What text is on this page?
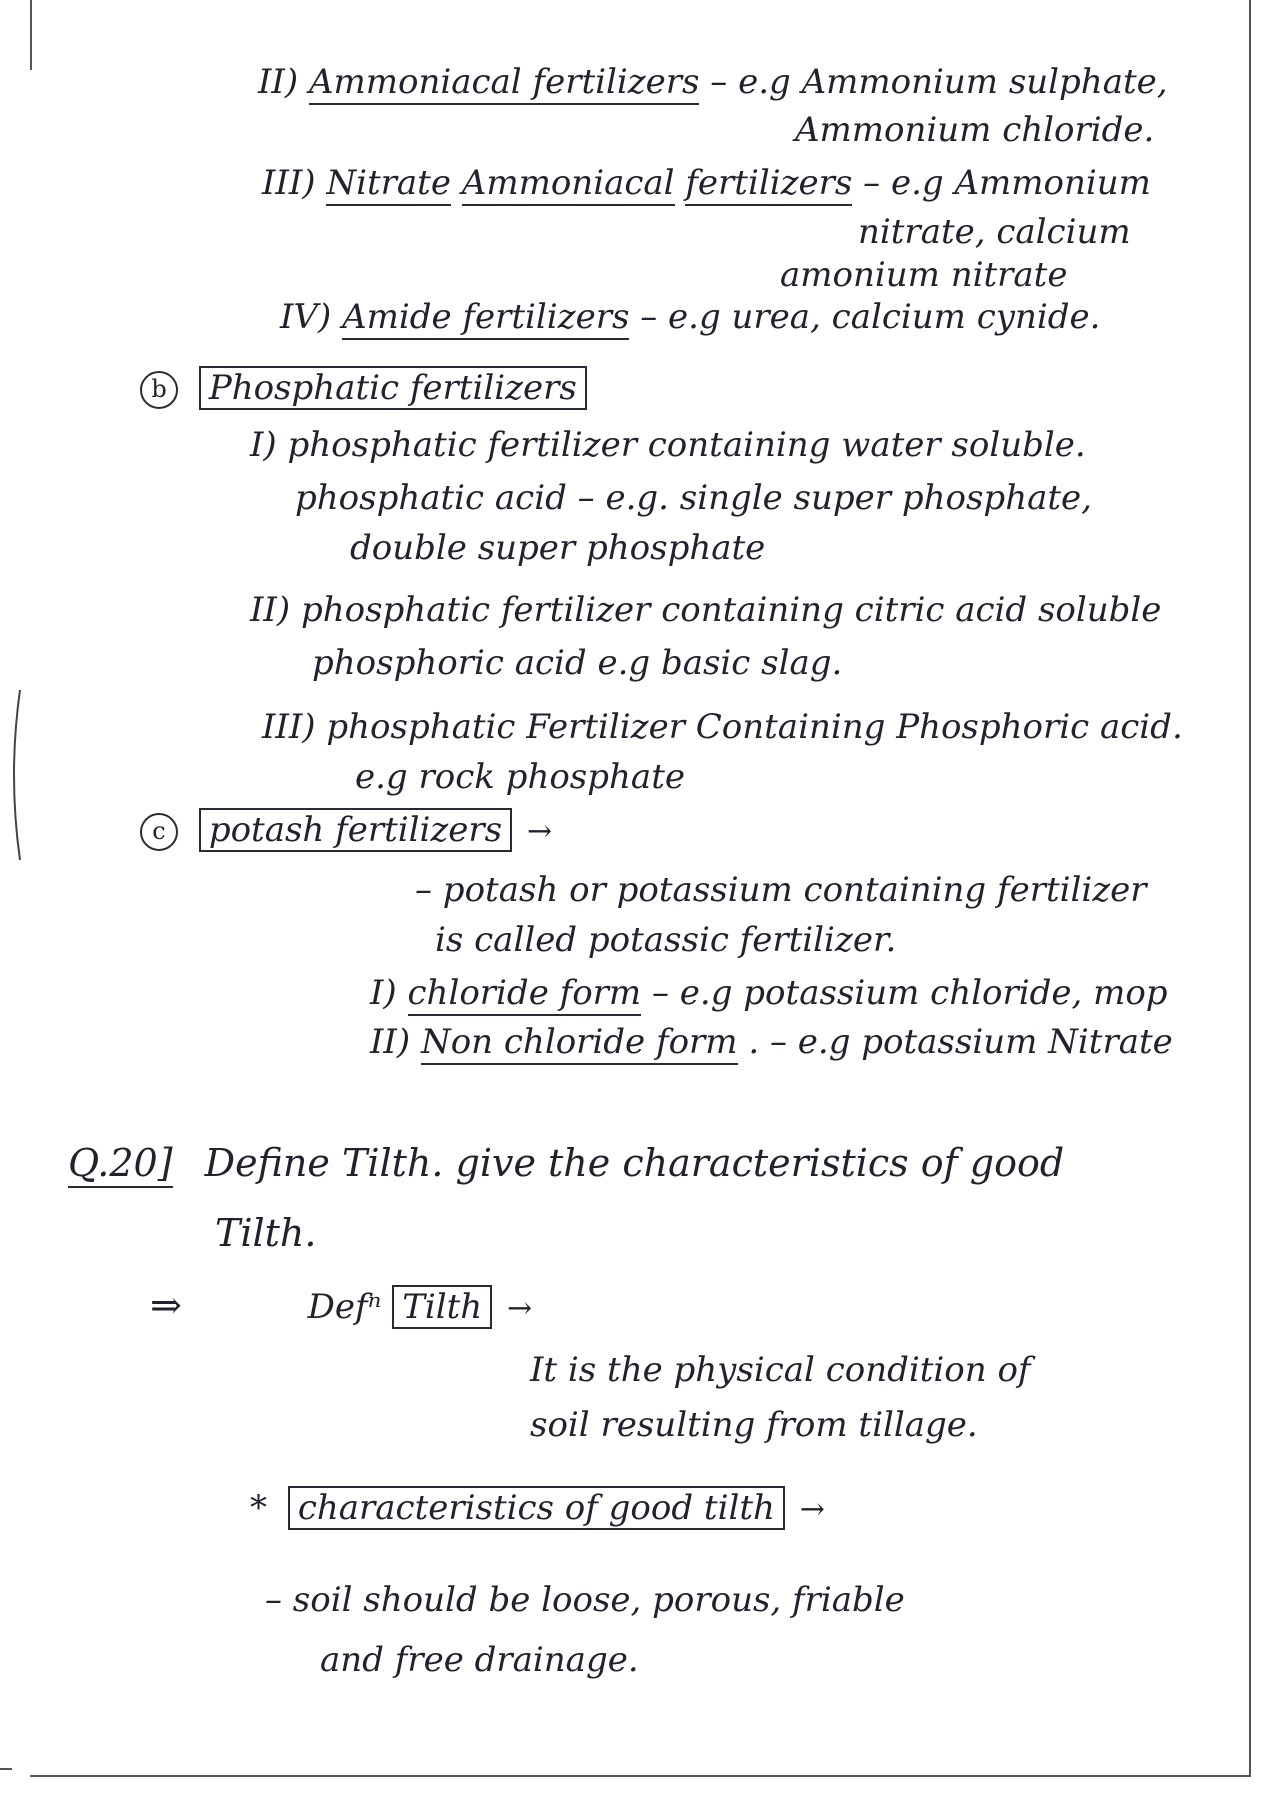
II) Ammoniacal fertilizers – e.g Ammonium sulphate,
Ammonium chloride.
III) Nitrate Ammoniacal fertilizers – e.g Ammonium
nitrate, calcium
amonium nitrate
IV) Amide fertilizers – e.g urea, calcium cynide.
b Phosphatic fertilizers
I) phosphatic fertilizer containing water soluble.
phosphatic acid – e.g. single super phosphate,
double super phosphate
II) phosphatic fertilizer containing citric acid soluble
phosphoric acid e.g basic slag.
III) phosphatic Fertilizer Containing Phosphoric acid.
e.g rock phosphate
c potash fertilizers →
– potash or potassium containing fertilizer
is called potassic fertilizer.
I) chloride form – e.g potassium chloride, mop
II) Non chloride form . – e.g potassium Nitrate
Q.20] Define Tilth. give the characteristics of good
Tilth.
⇒	Defⁿ Tilth →
It is the physical condition of
soil resulting from tillage.
* characteristics of good tilth →
– soil should be loose, porous, friable
and free drainage.
